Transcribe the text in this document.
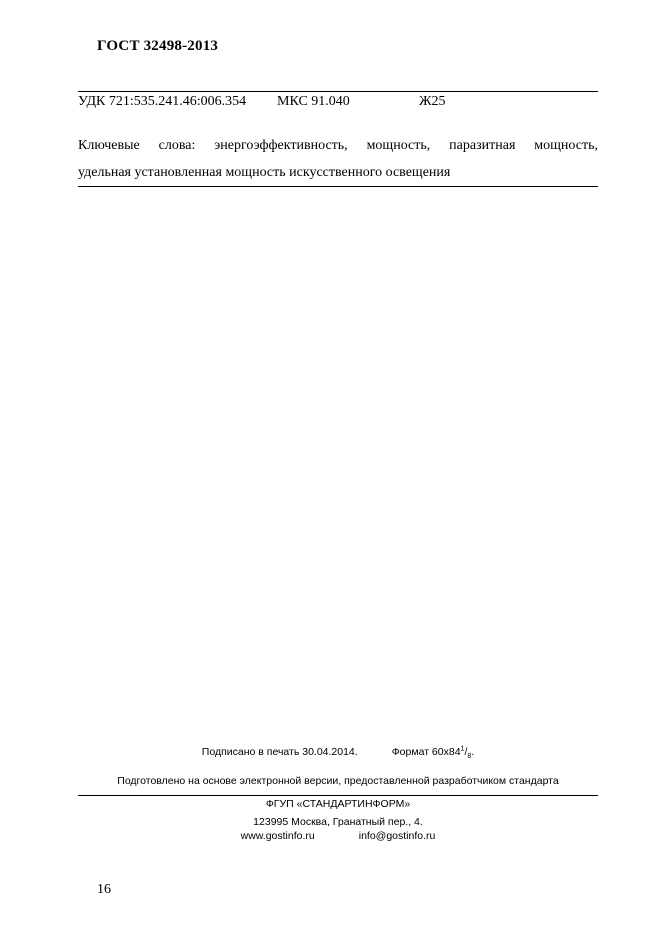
ГОСТ 32498-2013
УДК 721:535.241.46:006.354 МКС 91.040	Ж25
Ключевые слова: энергоэффективность, мощность, паразитная мощность,
удельная установленная мощность искусственного освещения
Подписано в печать 30.04.2014.	Формат $60х84^1/_8$.
Подготовлено на основе электронной версии, предоставленной разработчиком стандарта
ФГУП «СТАНДАРТИНФОРМ»
123995 Москва, Гранатный пер., 4.
www.gostinfo.ru	info@gostinfo.ru
16
